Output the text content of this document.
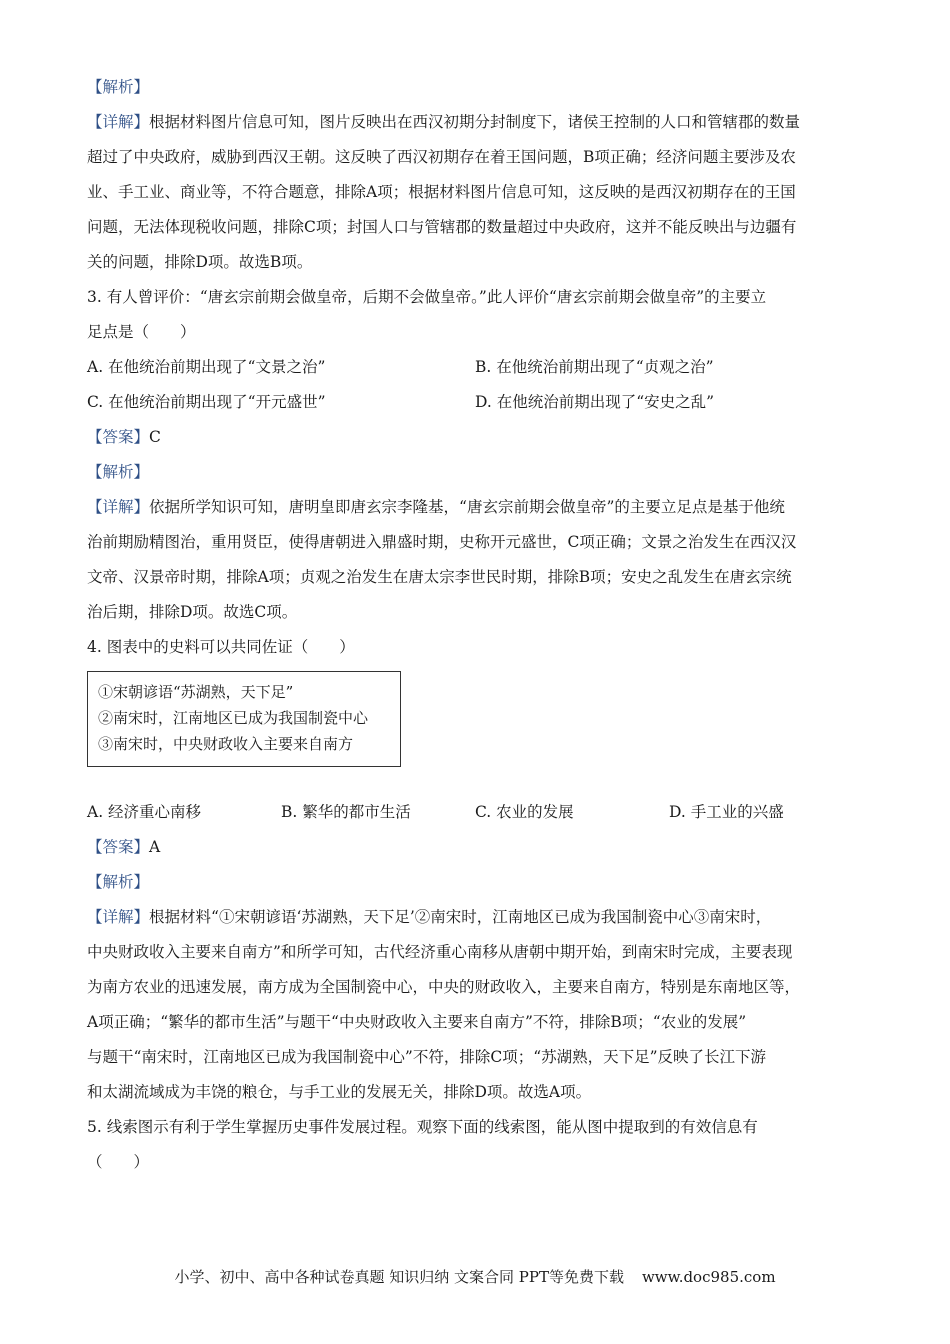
【解析】
【详解】根据材料图片信息可知，图片反映出在西汉初期分封制度下，诸侯王控制的人口和管辖郡的数量
超过了中央政府，威胁到西汉王朝。这反映了西汉初期存在着王国问题，B项正确；经济问题主要涉及农
业、手工业、商业等，不符合题意，排除A项；根据材料图片信息可知，这反映的是西汉初期存在的王国
问题，无法体现税收问题，排除C项；封国人口与管辖郡的数量超过中央政府，这并不能反映出与边疆有
关的问题，排除D项。故选B项。
3. 有人曾评价：“唐玄宗前期会做皇帝，后期不会做皇帝。”此人评价“唐玄宗前期会做皇帝”的主要立
足点是（　　）
A. 在他统治前期出现了“文景之治”	B. 在他统治前期出现了“贞观之治”
C. 在他统治前期出现了“开元盛世”	D. 在他统治前期出现了“安史之乱”
【答案】C
【解析】
【详解】依据所学知识可知，唐明皇即唐玄宗李隆基，“唐玄宗前期会做皇帝”的主要立足点是基于他统
治前期励精图治，重用贤臣，使得唐朝进入鼎盛时期，史称开元盛世，C项正确；文景之治发生在西汉汉
文帝、汉景帝时期，排除A项；贞观之治发生在唐太宗李世民时期，排除B项；安史之乱发生在唐玄宗统
治后期，排除D项。故选C项。
4. 图表中的史料可以共同佐证（　　）
①宋朝谚语“苏湖熟，天下足”
②南宋时，江南地区已成为我国制瓷中心
③南宋时，中央财政收入主要来自南方
A. 经济重心南移	B. 繁华的都市生活	C. 农业的发展	D. 手工业的兴盛
【答案】A
【解析】
【详解】根据材料“①宋朝谚语‘苏湖熟，天下足’②南宋时，江南地区已成为我国制瓷中心③南宋时，
中央财政收入主要来自南方”和所学可知，古代经济重心南移从唐朝中期开始，到南宋时完成，主要表现
为南方农业的迅速发展，南方成为全国制瓷中心，中央的财政收入，主要来自南方，特别是东南地区等，
A项正确；“繁华的都市生活”与题干“中央财政收入主要来自南方”不符，排除B项；“农业的发展”
与题干“南宋时，江南地区已成为我国制瓷中心”不符，排除C项；“苏湖熟，天下足”反映了长江下游
和太湖流域成为丰饶的粮仓，与手工业的发展无关，排除D项。故选A项。
5. 线索图示有利于学生掌握历史事件发展过程。观察下面的线索图，能从图中提取到的有效信息有
（　　）
小学、初中、高中各种试卷真题 知识归纳 文案合同 PPT等免费下载 www.doc985.com
